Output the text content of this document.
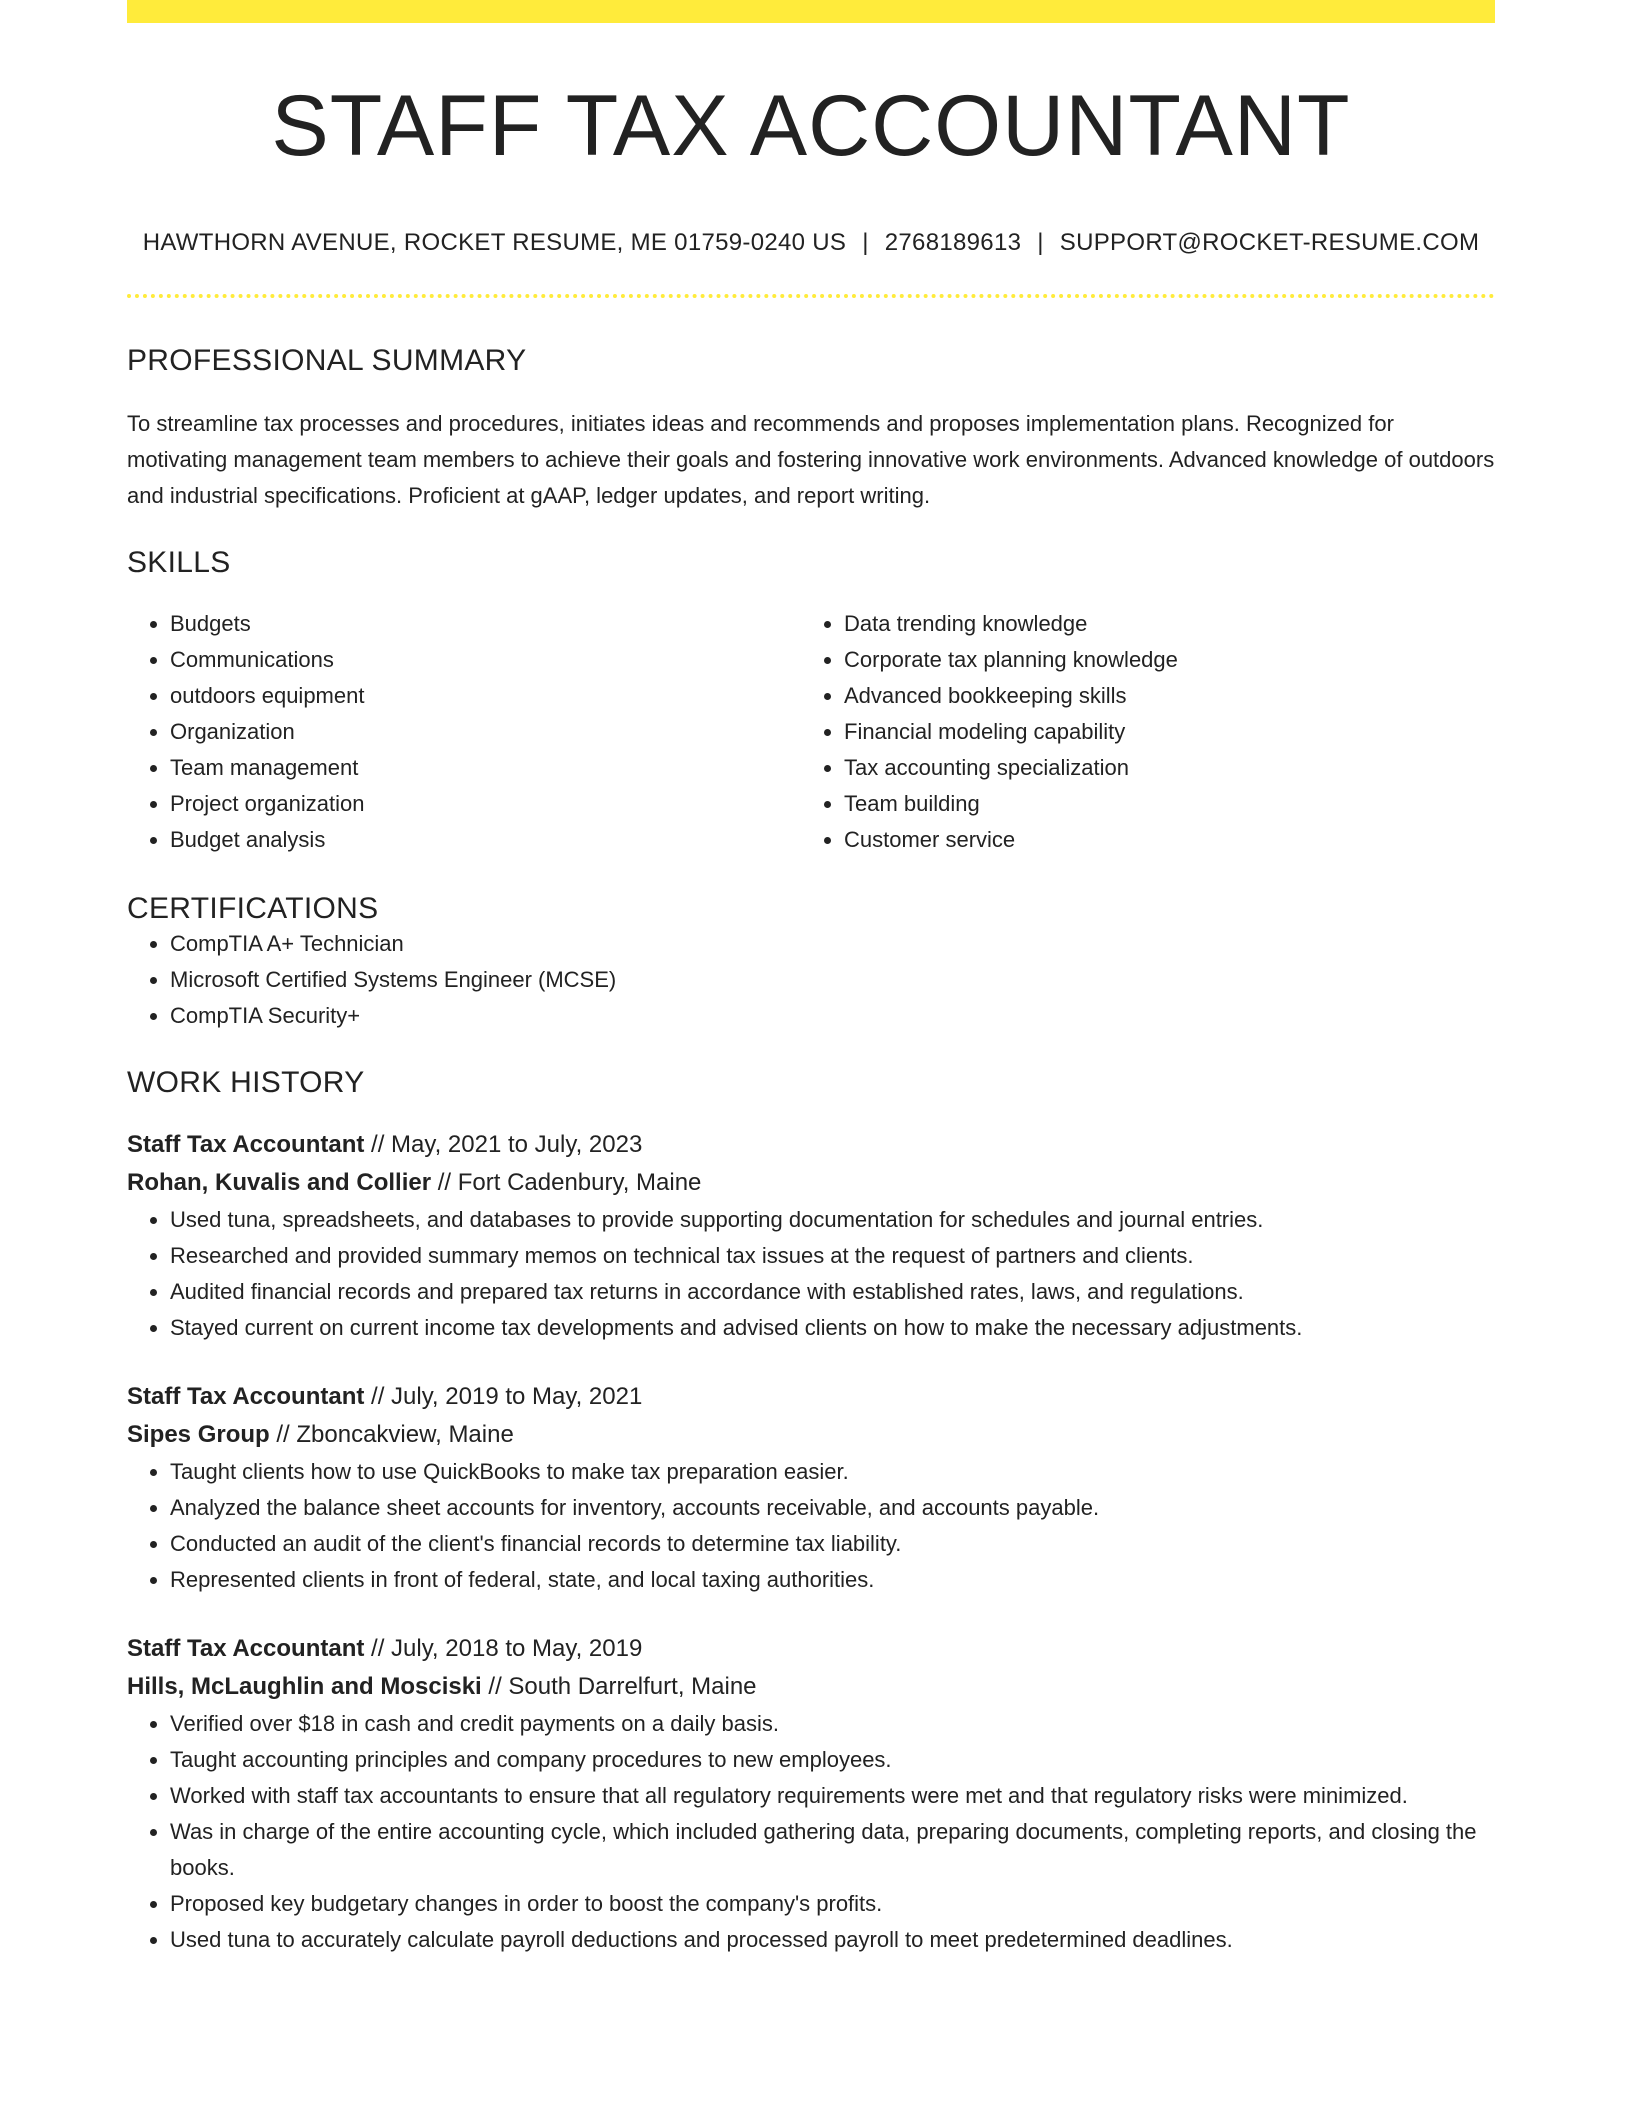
STAFF TAX ACCOUNTANT
HAWTHORN AVENUE, ROCKET RESUME, ME 01759-0240 US | 2768189613 | SUPPORT@ROCKET-RESUME.COM
PROFESSIONAL SUMMARY

To streamline tax processes and procedures, initiates ideas and recommends and proposes implementation plans. Recognized for motivating management team members to achieve their goals and fostering innovative work environments. Advanced knowledge of outdoors and industrial specifications. Proficient at gAAP, ledger updates, and report writing.

SKILLS
• Budgets
• Communications
• outdoors equipment
• Organization
• Team management
• Project organization
• Budget analysis
• Data trending knowledge
• Corporate tax planning knowledge
• Advanced bookkeeping skills
• Financial modeling capability
• Tax accounting specialization
• Team building
• Customer service
CERTIFICATIONS
• CompTIA A+ Technician
• Microsoft Certified Systems Engineer (MCSE)
• CompTIA Security+
WORK HISTORY
Staff Tax Accountant // May, 2021 to July, 2023
Rohan, Kuvalis and Collier // Fort Cadenbury, Maine
• Used tuna, spreadsheets, and databases to provide supporting documentation for schedules and journal entries.
• Researched and provided summary memos on technical tax issues at the request of partners and clients.
• Audited financial records and prepared tax returns in accordance with established rates, laws, and regulations.
• Stayed current on current income tax developments and advised clients on how to make the necessary adjustments.
Staff Tax Accountant // July, 2019 to May, 2021
Sipes Group // Zboncakview, Maine
• Taught clients how to use QuickBooks to make tax preparation easier.
• Analyzed the balance sheet accounts for inventory, accounts receivable, and accounts payable.
• Conducted an audit of the client's financial records to determine tax liability.
• Represented clients in front of federal, state, and local taxing authorities.
Staff Tax Accountant // July, 2018 to May, 2019
Hills, McLaughlin and Mosciski // South Darrelfurt, Maine
• Verified over $18 in cash and credit payments on a daily basis.
• Taught accounting principles and company procedures to new employees.
• Worked with staff tax accountants to ensure that all regulatory requirements were met and that regulatory risks were minimized.
• Was in charge of the entire accounting cycle, which included gathering data, preparing documents, completing reports, and closing the books.
• Proposed key budgetary changes in order to boost the company's profits.
• Used tuna to accurately calculate payroll deductions and processed payroll to meet predetermined deadlines.
